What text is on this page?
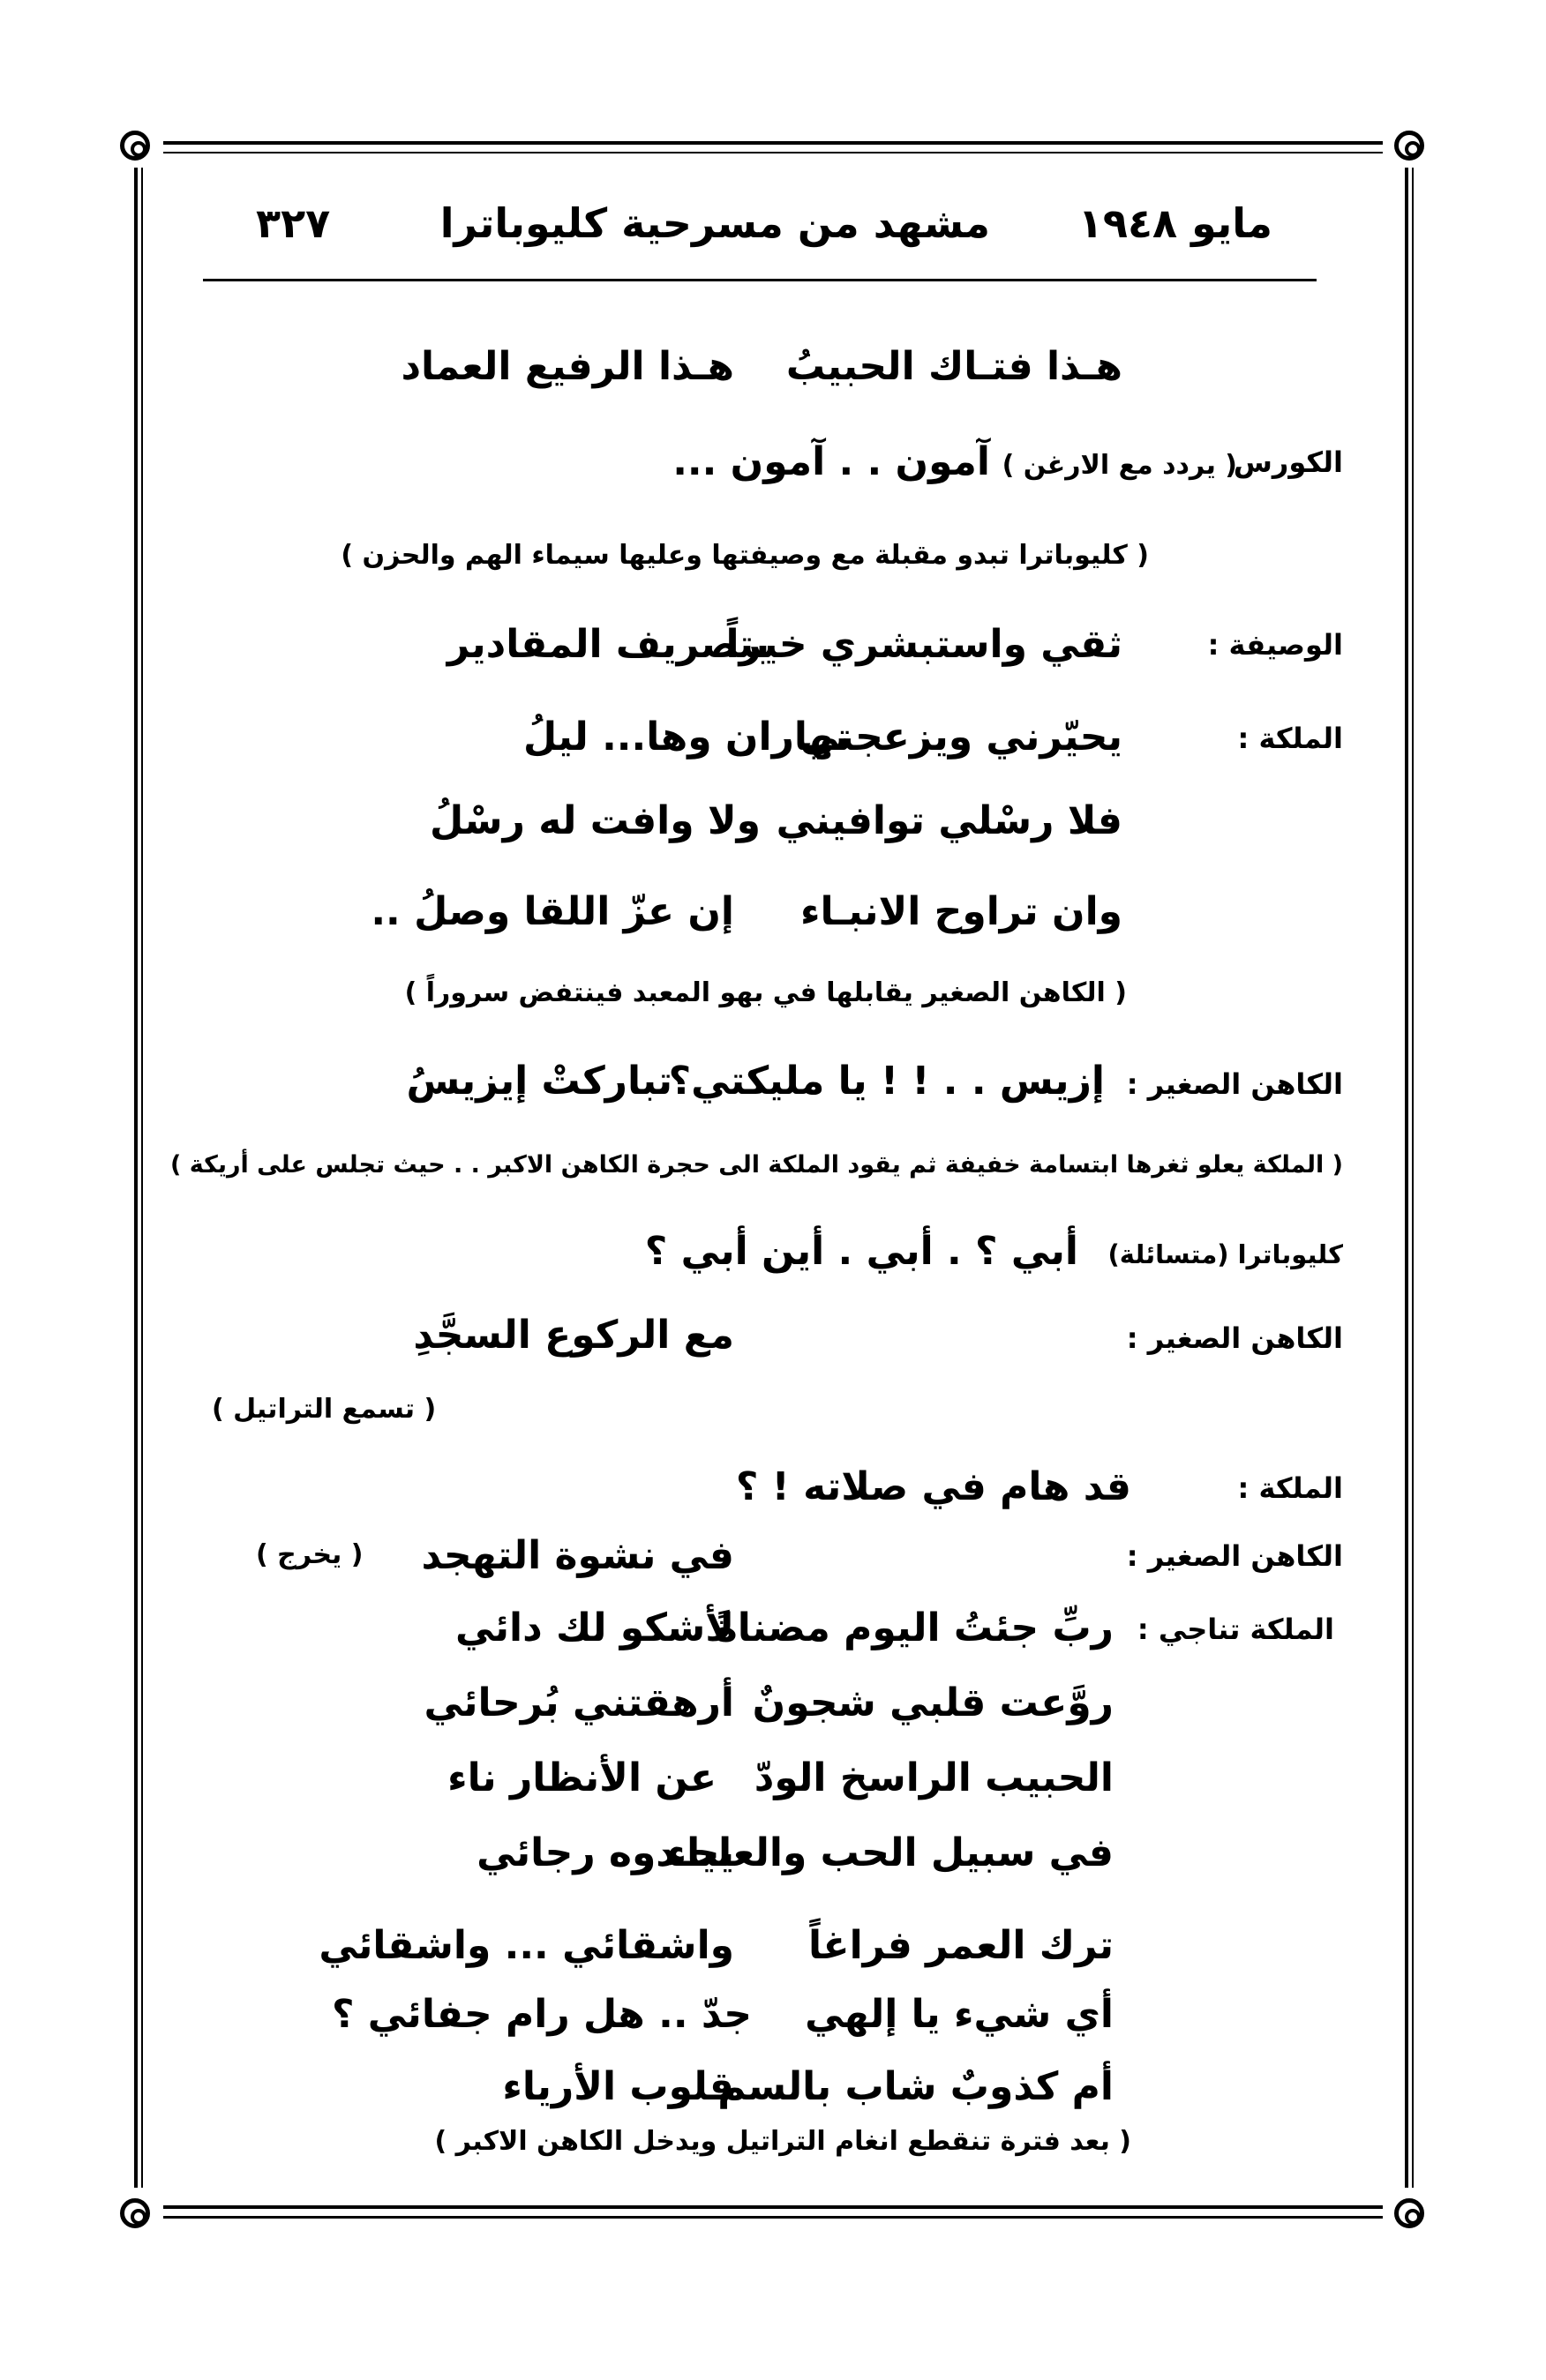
مايو ١٩٤٨
مشهد من مسرحية كليوباترا
٣٢٧
هـذا فتـاك الحبيبُ
هـذا الرفيع العماد
الكورس
( يردد مع الارغن )
آمون . . آمون ...
( كليوباترا تبدو مقبلة مع وصيفتها وعليها سيماء الهم والحزن )
الوصيفة :
ثقي واستبشري خيراً
بتصريف المقادير
الملكة :
يحيّرني ويزعجني
نهاران وها... ليلُ
فلا رسْلي توافيني
ولا وافت له رسْلُ
وان تراوح الانبـاء
إن عزّ اللقا وصلُ ..
( الكاهن الصغير يقابلها في بهو المعبد فينتفض سروراً )
الكاهن الصغير :
إزيس . . ! ! يا مليكتي؟
تباركتْ إيزيسُ
( الملكة يعلو ثغرها ابتسامة خفيفة ثم يقود الملكة الى حجرة الكاهن الاكبر . . حيث تجلس على أريكة )
كليوباترا (متسائلة)
أبي ؟ . أبي . أين أبي ؟
الكاهن الصغير :
مع الركوع السجَّدِ
( تسمع التراتيل )
الملكة :
قد هام في صلاته ! ؟
الكاهن الصغير :
في نشوة التهجد
( يخرج )
الملكة تناجي :
ربِّ جئتُ اليوم مضناةً
لأشكو لك دائي
روَّعت قلبي شجونٌ
أرهقتني بُرحائي
الحبيب الراسخ الودّ
عن الأنظار ناء
في سبيل الحب والعلياء
يحـدوه رجائي
ترك العمر فراغاً
واشقائي ... واشقائي
أي شيء يا إلهي
جدّ .. هل رام جفائي ؟
أم كذوبٌ شاب بالسم
قلوب الأرياء
( بعد فترة تنقطع انغام التراتيل ويدخل الكاهن الاكبر )
